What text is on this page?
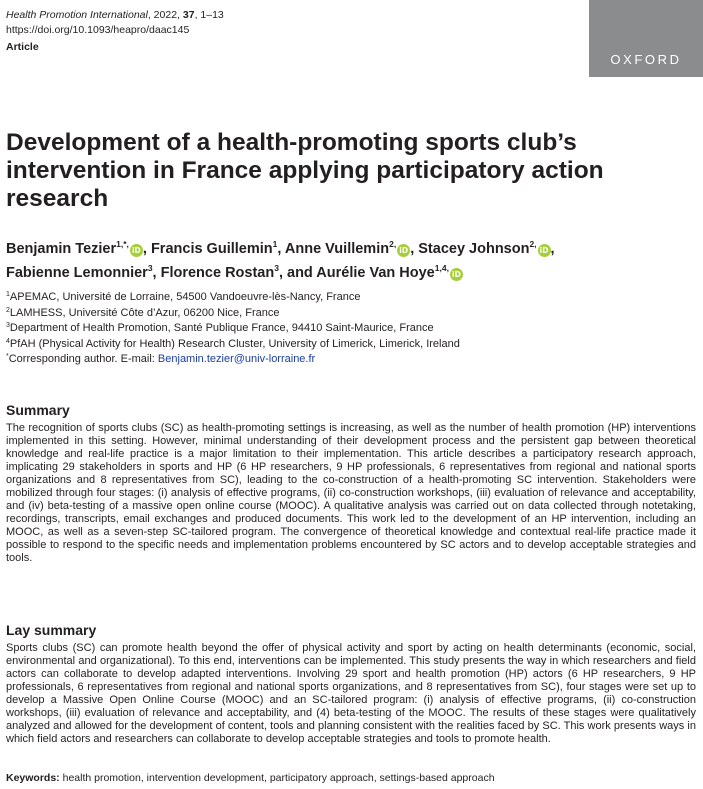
Health Promotion International, 2022, 37, 1–13
https://doi.org/10.1093/heapro/daac145
Article
OXFORD
Development of a health-promoting sports club’s intervention in France applying participatory action research
Benjamin Tezier$^{1,*,}$iD , Francis Guillemin$^1$, Anne Vuillemin$^{2,}$iD , Stacey Johnson$^{2,}$iD ,
Fabienne Lemonnier$^3$, Florence Rostan$^3$, and Aurélie Van Hoye$^{1,4,}$iD
$^1$APEMAC, Université de Lorraine, 54500 Vandoeuvre-lès-Nancy, France
$^2$LAMHESS, Université Côte d’Azur, 06200 Nice, France
$^3$Department of Health Promotion, Santé Publique France, 94410 Saint-Maurice, France
$^4$PfAH (Physical Activity for Health) Research Cluster, University of Limerick, Limerick, Ireland
*Corresponding author. E-mail: Benjamin.tezier@univ-lorraine.fr
Summary

The recognition of sports clubs (SC) as health-promoting settings is increasing, as well as the number of health promotion (HP) interventions implemented in this setting. However, minimal understanding of their development process and the persistent gap between theoretical knowledge and real-life practice is a major limitation to their implementation. This article describes a participatory research approach, implicating 29 stakeholders in sports and HP (6 HP researchers, 9 HP professionals, 6 representatives from regional and national sports organizations and 8 representatives from SC), leading to the co-construction of a health-promoting SC intervention. Stakeholders were mobilized through four stages: (i) analysis of effective programs, (ii) co-construction workshops, (iii) evaluation of relevance and acceptability, and (iv) beta-testing of a massive open online course (MOOC). A qualitative analysis was carried out on data collected through notetaking, recordings, transcripts, email exchanges and produced documents. This work led to the development of an HP intervention, including an MOOC, as well as a seven-step SC-tailored program. The convergence of theoretical knowledge and contextual real-life practice made it possible to respond to the specific needs and implementation problems encountered by SC actors and to develop acceptable strategies and tools.

Lay summary

Sports clubs (SC) can promote health beyond the offer of physical activity and sport by acting on health determinants (economic, social, environmental and organizational). To this end, interventions can be implemented. This study presents the way in which researchers and field actors can collaborate to develop adapted interventions. Involving 29 sport and health promotion (HP) actors (6 HP researchers, 9 HP professionals, 6 representatives from regional and national sports organizations, and 8 representatives from SC), four stages were set up to develop a Massive Open Online Course (MOOC) and an SC-tailored program: (i) analysis of effective programs, (ii) co-construction workshops, (iii) evaluation of relevance and acceptability, and (4) beta-testing of the MOOC. The results of these stages were qualitatively analyzed and allowed for the development of content, tools and planning consistent with the realities faced by SC. This work presents ways in which field actors and researchers can collaborate to develop acceptable strategies and tools to promote health.

Keywords: health promotion, intervention development, participatory approach, settings-based approach
